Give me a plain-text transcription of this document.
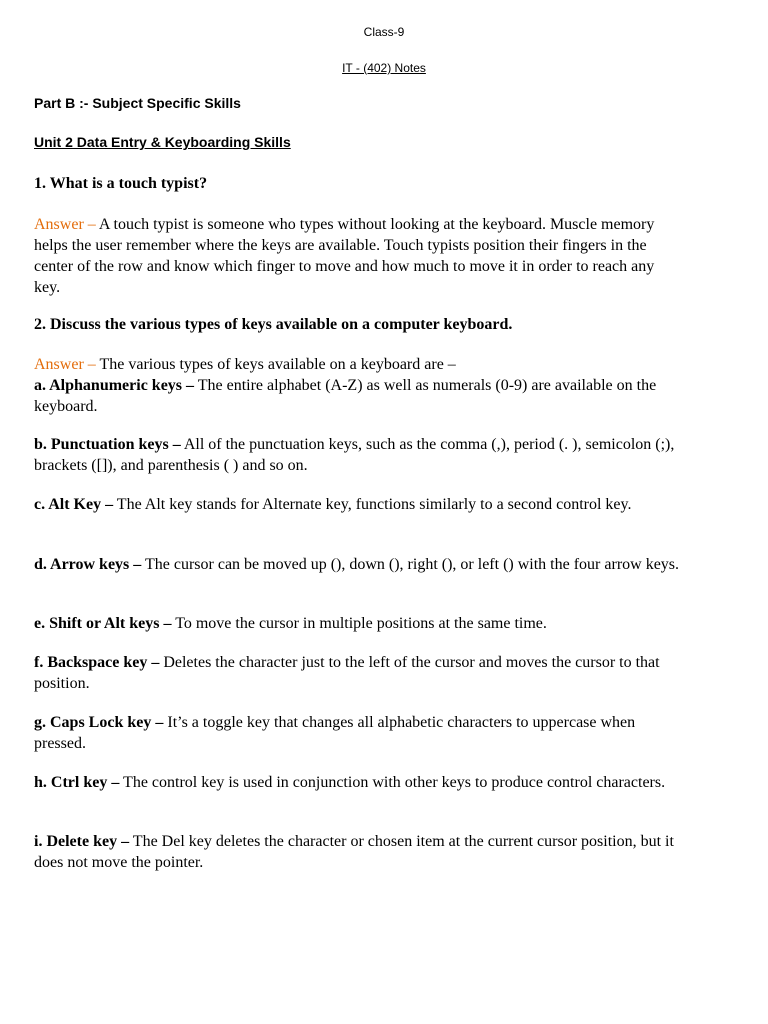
Class-9
IT - (402) Notes
Part B :- Subject Specific Skills
Unit 2 Data Entry & Keyboarding Skills
1. What is a touch typist?
Answer – A touch typist is someone who types without looking at the keyboard. Muscle memory helps the user remember where the keys are available. Touch typists position their fingers in the center of the row and know which finger to move and how much to move it in order to reach any key.
2. Discuss the various types of keys available on a computer keyboard.
Answer – The various types of keys available on a keyboard are –
a. Alphanumeric keys – The entire alphabet (A-Z) as well as numerals (0-9) are available on the keyboard.
b. Punctuation keys – All of the punctuation keys, such as the comma (,), period (. ), semicolon (;), brackets ([]), and parenthesis ( ) and so on.
c. Alt Key – The Alt key stands for Alternate key, functions similarly to a second control key.
d. Arrow keys – The cursor can be moved up (), down (), right (), or left () with the four arrow keys.
e. Shift or Alt keys – To move the cursor in multiple positions at the same time.
f. Backspace key – Deletes the character just to the left of the cursor and moves the cursor to that position.
g. Caps Lock key – It’s a toggle key that changes all alphabetic characters to uppercase when pressed.
h. Ctrl key – The control key is used in conjunction with other keys to produce control characters.
i. Delete key – The Del key deletes the character or chosen item at the current cursor position, but it does not move the pointer.
